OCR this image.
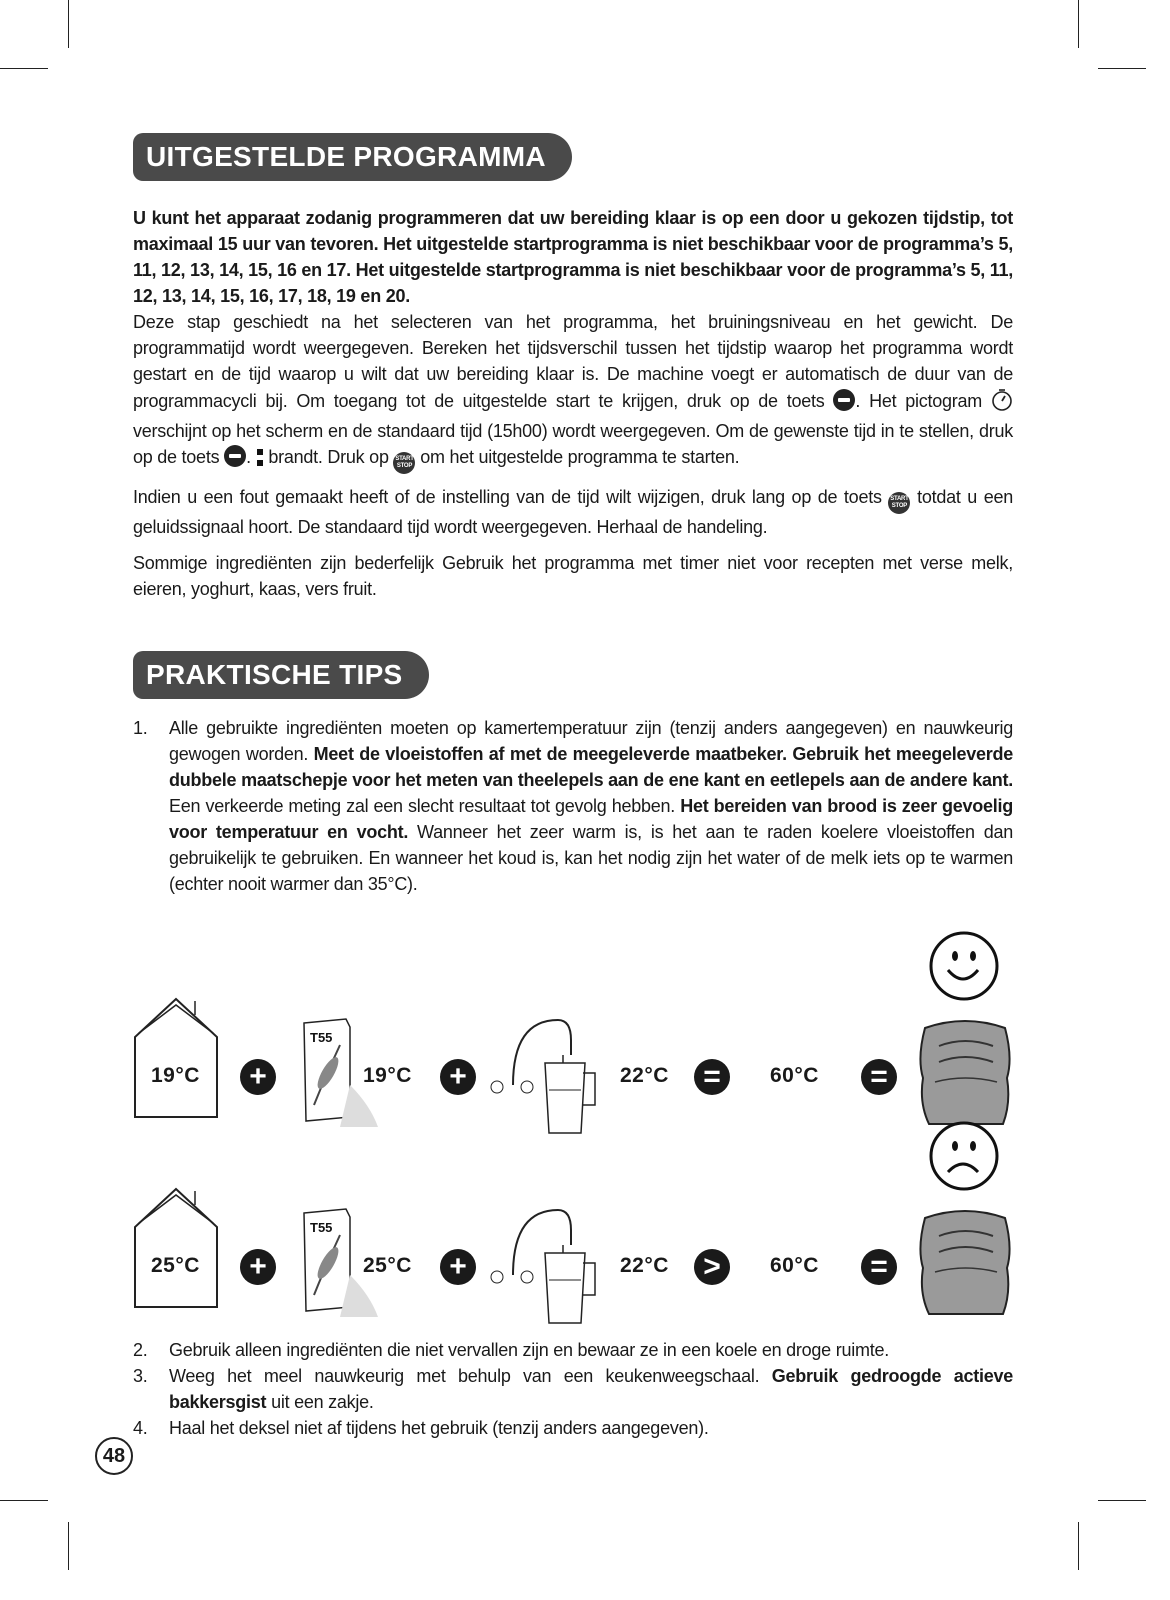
UITGESTELDE PROGRAMMA

U kunt het apparaat zodanig programmeren dat uw bereiding klaar is op een door u gekozen tijdstip, tot maximaal 15 uur van tevoren. Het uitgestelde startprogramma is niet beschikbaar voor de programma’s 5, 11, 12, 13, 14, 15, 16 en 17. Het uitgestelde startprogramma is niet beschikbaar voor de programma’s 5, 11, 12, 13, 14, 15, 16, 17, 18, 19 en 20.

Deze stap geschiedt na het selecteren van het programma, het bruiningsniveau en het gewicht. De programmatijd wordt weergegeven. Bereken het tijdsverschil tussen het tijdstip waarop het programma wordt gestart en de tijd waarop u wilt dat uw bereiding klaar is. De machine voegt er automatisch de duur van de programmacycli bij. Om toegang tot de uitgestelde start te krijgen, druk op de toets . Het pictogram  verschijnt op het scherm en de standaard tijd (15h00) wordt weergegeven. Om de gewenste tijd in te stellen, druk op de toets . brandt. Druk op START
STOP om het uitgestelde programma te starten.

Indien u een fout gemaakt heeft of de instelling van de tijd wilt wijzigen, druk lang op de toets START
STOP totdat u een geluidssignaal hoort. De standaard tijd wordt weergegeven. Herhaal de handeling.

Sommige ingrediënten zijn bederfelijk Gebruik het programma met timer niet voor recepten met verse melk, eieren, yoghurt, kaas, vers fruit.

PRAKTISCHE TIPS
1. Alle gebruikte ingrediënten moeten op kamertemperatuur zijn (tenzij anders aangegeven) en nauwkeurig gewogen worden. Meet de vloeistoffen af met de meegeleverde maatbeker. Gebruik het meegeleverde dubbele maatschepje voor het meten van theelepels aan de ene kant en eetlepels aan de andere kant. Een verkeerde meting zal een slecht resultaat tot gevolg hebben. Het bereiden van brood is zeer gevoelig voor temperatuur en vocht. Wanneer het zeer warm is, is het aan te raden koelere vloeistoffen dan gebruikelijk te gebruiken. En wanneer het koud is, kan het nodig zijn het water of de melk iets op te warmen (echter nooit warmer dan 35°C).
19°C	+
T55
19°C	+	22°C	=	60°C	=
25°C	+
T55
25°C	+	22°C	>	60°C	=
2. Gebruik alleen ingrediënten die niet vervallen zijn en bewaar ze in een koele en droge ruimte.
3. Weeg het meel nauwkeurig met behulp van een keukenweegschaal. Gebruik gedroogde actieve bakkersgist uit een zakje.
4. Haal het deksel niet af tijdens het gebruik (tenzij anders aangegeven).
48
